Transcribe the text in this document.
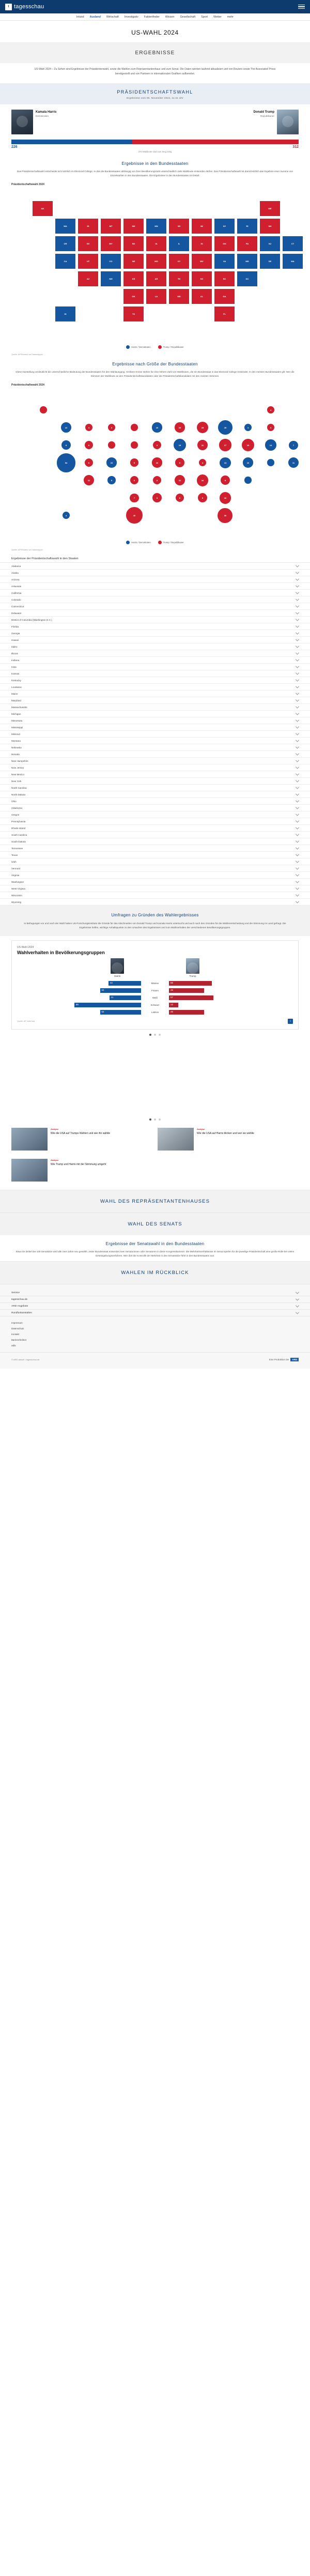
t tagesschau
Inland Ausland Wirtschaft Investigativ Faktenfinder Wissen Gesellschaft Sport Wetter mehr
US-WAHL 2024
ERGEBNISSE
US-Wahl 2024 – Zu Sehen sind Ergebnisse der Präsidentenwahl, sowie die Wahlen zum Repräsentantenhaus und zum Senat. Die Daten werden laufend aktualisiert und von Reuters sowie The Associated Press bereitgestellt und von Partnern in internationalen Grafiken aufbereitet.
PRÄSIDENTSCHAFTSWAHL
Ergebnisse vom 05. November 2024, 11:41 Uhr
Kamala Harris
Demokraten
Donald Trump
Republikaner
226	312
270 Wahlleute sind zum Sieg nötig
Ergebnisse in den Bundesstaaten
Das Präsidentschaftswahl entscheidet sich letztlich im Electoral College. In das die Bundesstaaten abhängig von ihrer Bevölkerungszahl unterschiedlich viele Wahlleute entsenden dürfen. Das Präsidentschaftswahl ist damit letztlich das Ergebnis einer Summe von Einzelwahlen in den Bundesstaaten. Die Ergebnisse in den Bundesstaaten im Detail:
Präsidentschaftswahl 2024
AK	ME
WA	ID	MT	ND	MN	WI	MI	NY	RI	NH
OR	NV	WY	SD	IA	IL	IN	OH	PA	NJ	CT
CA	UT	CO	NE	MO	KY	WV	VA	MD	DE	MA
AZ	NM	KS	AR	TN	NC	SC	DC
OK	LA	MS	AL	GA
HI	TX	FL
Harris / Demokraten	Trump / Republikaner
Quelle: AP/Reuters via Datawrapper
Ergebnisse nach Größe der Bundesstaaten
Diese Darstellung verdeutlicht die unterschiedliche Bedeutung der Bundesstaaten für den Wahlausgang. Größere Kreise stehen für eine höhere Zahl von Wahlleuten, die ein Bundesstaat in das Electoral College entsendet. In den meisten Bundesstaaten gilt: Wer die Stimmen der Wahlleute an den Präsidentschaftskandidaten oder die Präsidentschaftskandidatin mit den meisten Stimmen.
Präsidentschaftswahl 2024
4
12	4	4	10	10	15	28	4	4
8	6	6	19	11	17	19	14	7
54	6	10	5	10	8	4	13	10	11
11	5	6	6	11	16	9
7	8	6	9	16
4	40	30
Harris / Demokraten	Trump / Republikaner
Quelle: AP/Reuters via Datawrapper
Ergebnisse der Präsidentschaftswahl in den Staaten
Alabama
Alaska
Arizona
Arkansas
California
Colorado
Connecticut
Delaware
District of Columbia (Washington D.C.)
Florida
Georgia
Hawaii
Idaho
Illinois
Indiana
Iowa
Kansas
Kentucky
Louisiana
Maine
Maryland
Massachusetts
Michigan
Minnesota
Mississippi
Missouri
Montana
Nebraska
Nevada
New Hampshire
New Jersey
New Mexico
New York
North Carolina
North Dakota
Ohio
Oklahoma
Oregon
Pennsylvania
Rhode Island
South Carolina
South Dakota
Tennessee
Texas
Utah
Vermont
Virginia
Washington
West Virginia
Wisconsin
Wyoming
Umfragen zu Gründen des Wahlergebnisses
In Befragungen vor und nach der Wahl haben US-Forschungsinstitute die Gründe für das Abschneiden von Donald Trump und Kamala Harris untersucht und auch nach den Gründen für die Wählerentscheidung und die Stimmung im Land gefragt. Die Ergebnisse helfen, wichtige Anhaltspunkte zu den Ursachen des Ergebnisses und zum Wahlverhalten der verschiedenen Bevölkerungsgruppen.
US-Wahl 2024
Wahlverhalten in Bevölkerungsgruppen
Harris	Trump
42	Männer	55
53	Frauen	45
41	Weiß	57
86	Schwarz	12
53	Latinos	45
Quelle: AP VoteCast	i
Analyse
Wie die USA auf Trumps Wahlen und wie ihn wählte
Analyse
Wie die USA auf Harris blicken und wer sie wählte
Analyse
Wie Trump und Harris mit der Stimmung umgeht
WAHL DES REPRÄSENTANTENHAUSES
WAHL DES SENATS
Ergebnisse der Senatswahl in den Bundesstaaten
Etwa ein Drittel der 100 Senatsitze wird alle zwei Jahre neu gewählt. Jeder Bundesstaat entsendet zwei Senatorinnen oder Senatoren in diese Kongresskammer. Die Mehrheitsverhältnisse im Senat spielen für die jeweilige Präsidentschaft eine große Rolle bei vielen Gesetzgebungsverfahren. Wer dort die Kontrolle der Mehrheit in den Senatssitze führt in den Bundesstaaten aus.
WAHLEN IM RÜCKBLICK
Service
tagesschau.de
ARD-Angebote
Rundfunkanstalten
Impressum
Datenschutz
Kontakt
Barrierefreiheit
Hilfe
© ARD-aktuell / tagesschau.de	Eine Produktion der	ARD
